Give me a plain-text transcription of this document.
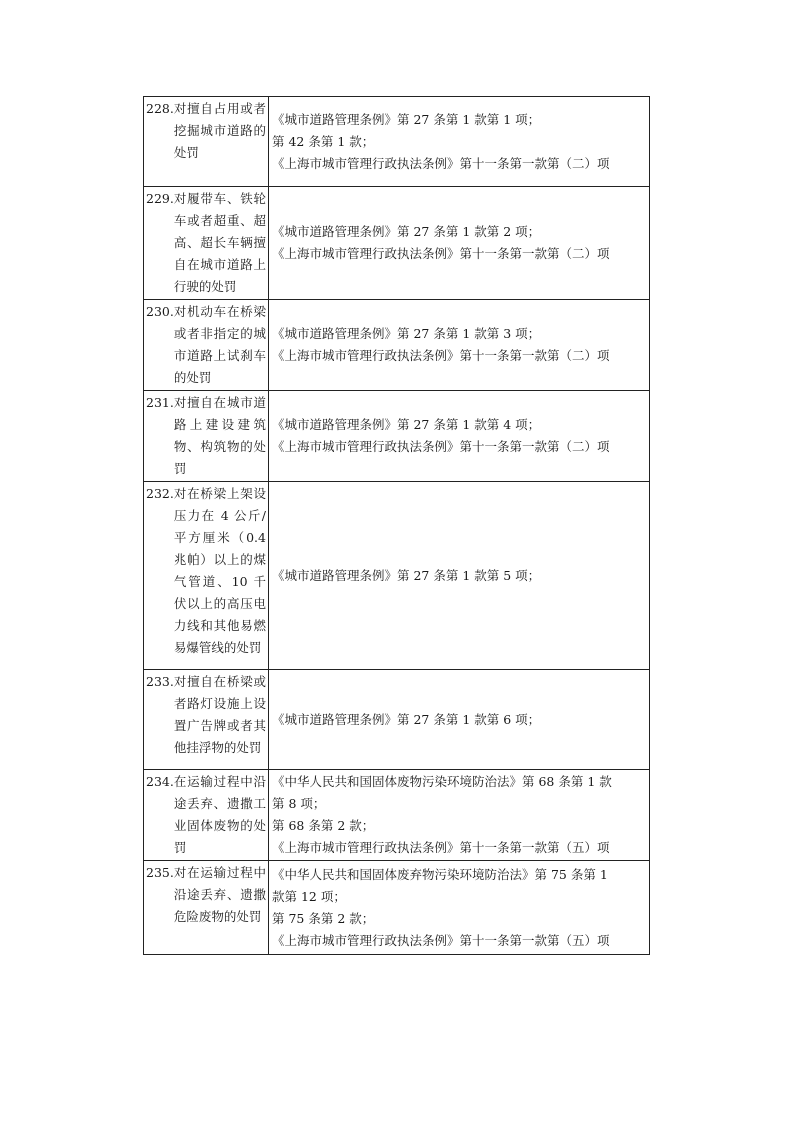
228. 对擅自占用或者挖掘城市道路的处罚	《城市道路管理条例》第 27 条第 1 款第 1 项；
第 42 条第 1 款；
《上海市城市管理行政执法条例》第十一条第一款第（二）项

229. 对履带车、铁轮车或者超重、超高、超长车辆擅自在城市道路上行驶的处罚	《城市道路管理条例》第 27 条第 1 款第 2 项；
《上海市城市管理行政执法条例》第十一条第一款第（二）项

230. 对机动车在桥梁或者非指定的城市道路上试刹车的处罚	《城市道路管理条例》第 27 条第 1 款第 3 项；
《上海市城市管理行政执法条例》第十一条第一款第（二）项

231. 对擅自在城市道路上建设建筑物、构筑物的处罚	《城市道路管理条例》第 27 条第 1 款第 4 项；
《上海市城市管理行政执法条例》第十一条第一款第（二）项

232. 对在桥梁上架设压力在 4 公斤/平方厘米（0.4 兆帕）以上的煤气管道、10 千伏以上的高压电力线和其他易燃易爆管线的处罚	《城市道路管理条例》第 27 条第 1 款第 5 项；

233. 对擅自在桥梁或者路灯设施上设置广告牌或者其他挂浮物的处罚	《城市道路管理条例》第 27 条第 1 款第 6 项；

234. 在运输过程中沿途丢弃、遗撒工业固体废物的处罚	《中华人民共和国固体废物污染环境防治法》第 68 条第 1 款
第 8 项；
第 68 条第 2 款；
《上海市城市管理行政执法条例》第十一条第一款第（五）项

235. 对在运输过程中沿途丢弃、遗撒危险废物的处罚	《中华人民共和国固体废弃物污染环境防治法》第 75 条第 1
款第 12 项；
第 75 条第 2 款；
《上海市城市管理行政执法条例》第十一条第一款第（五）项
